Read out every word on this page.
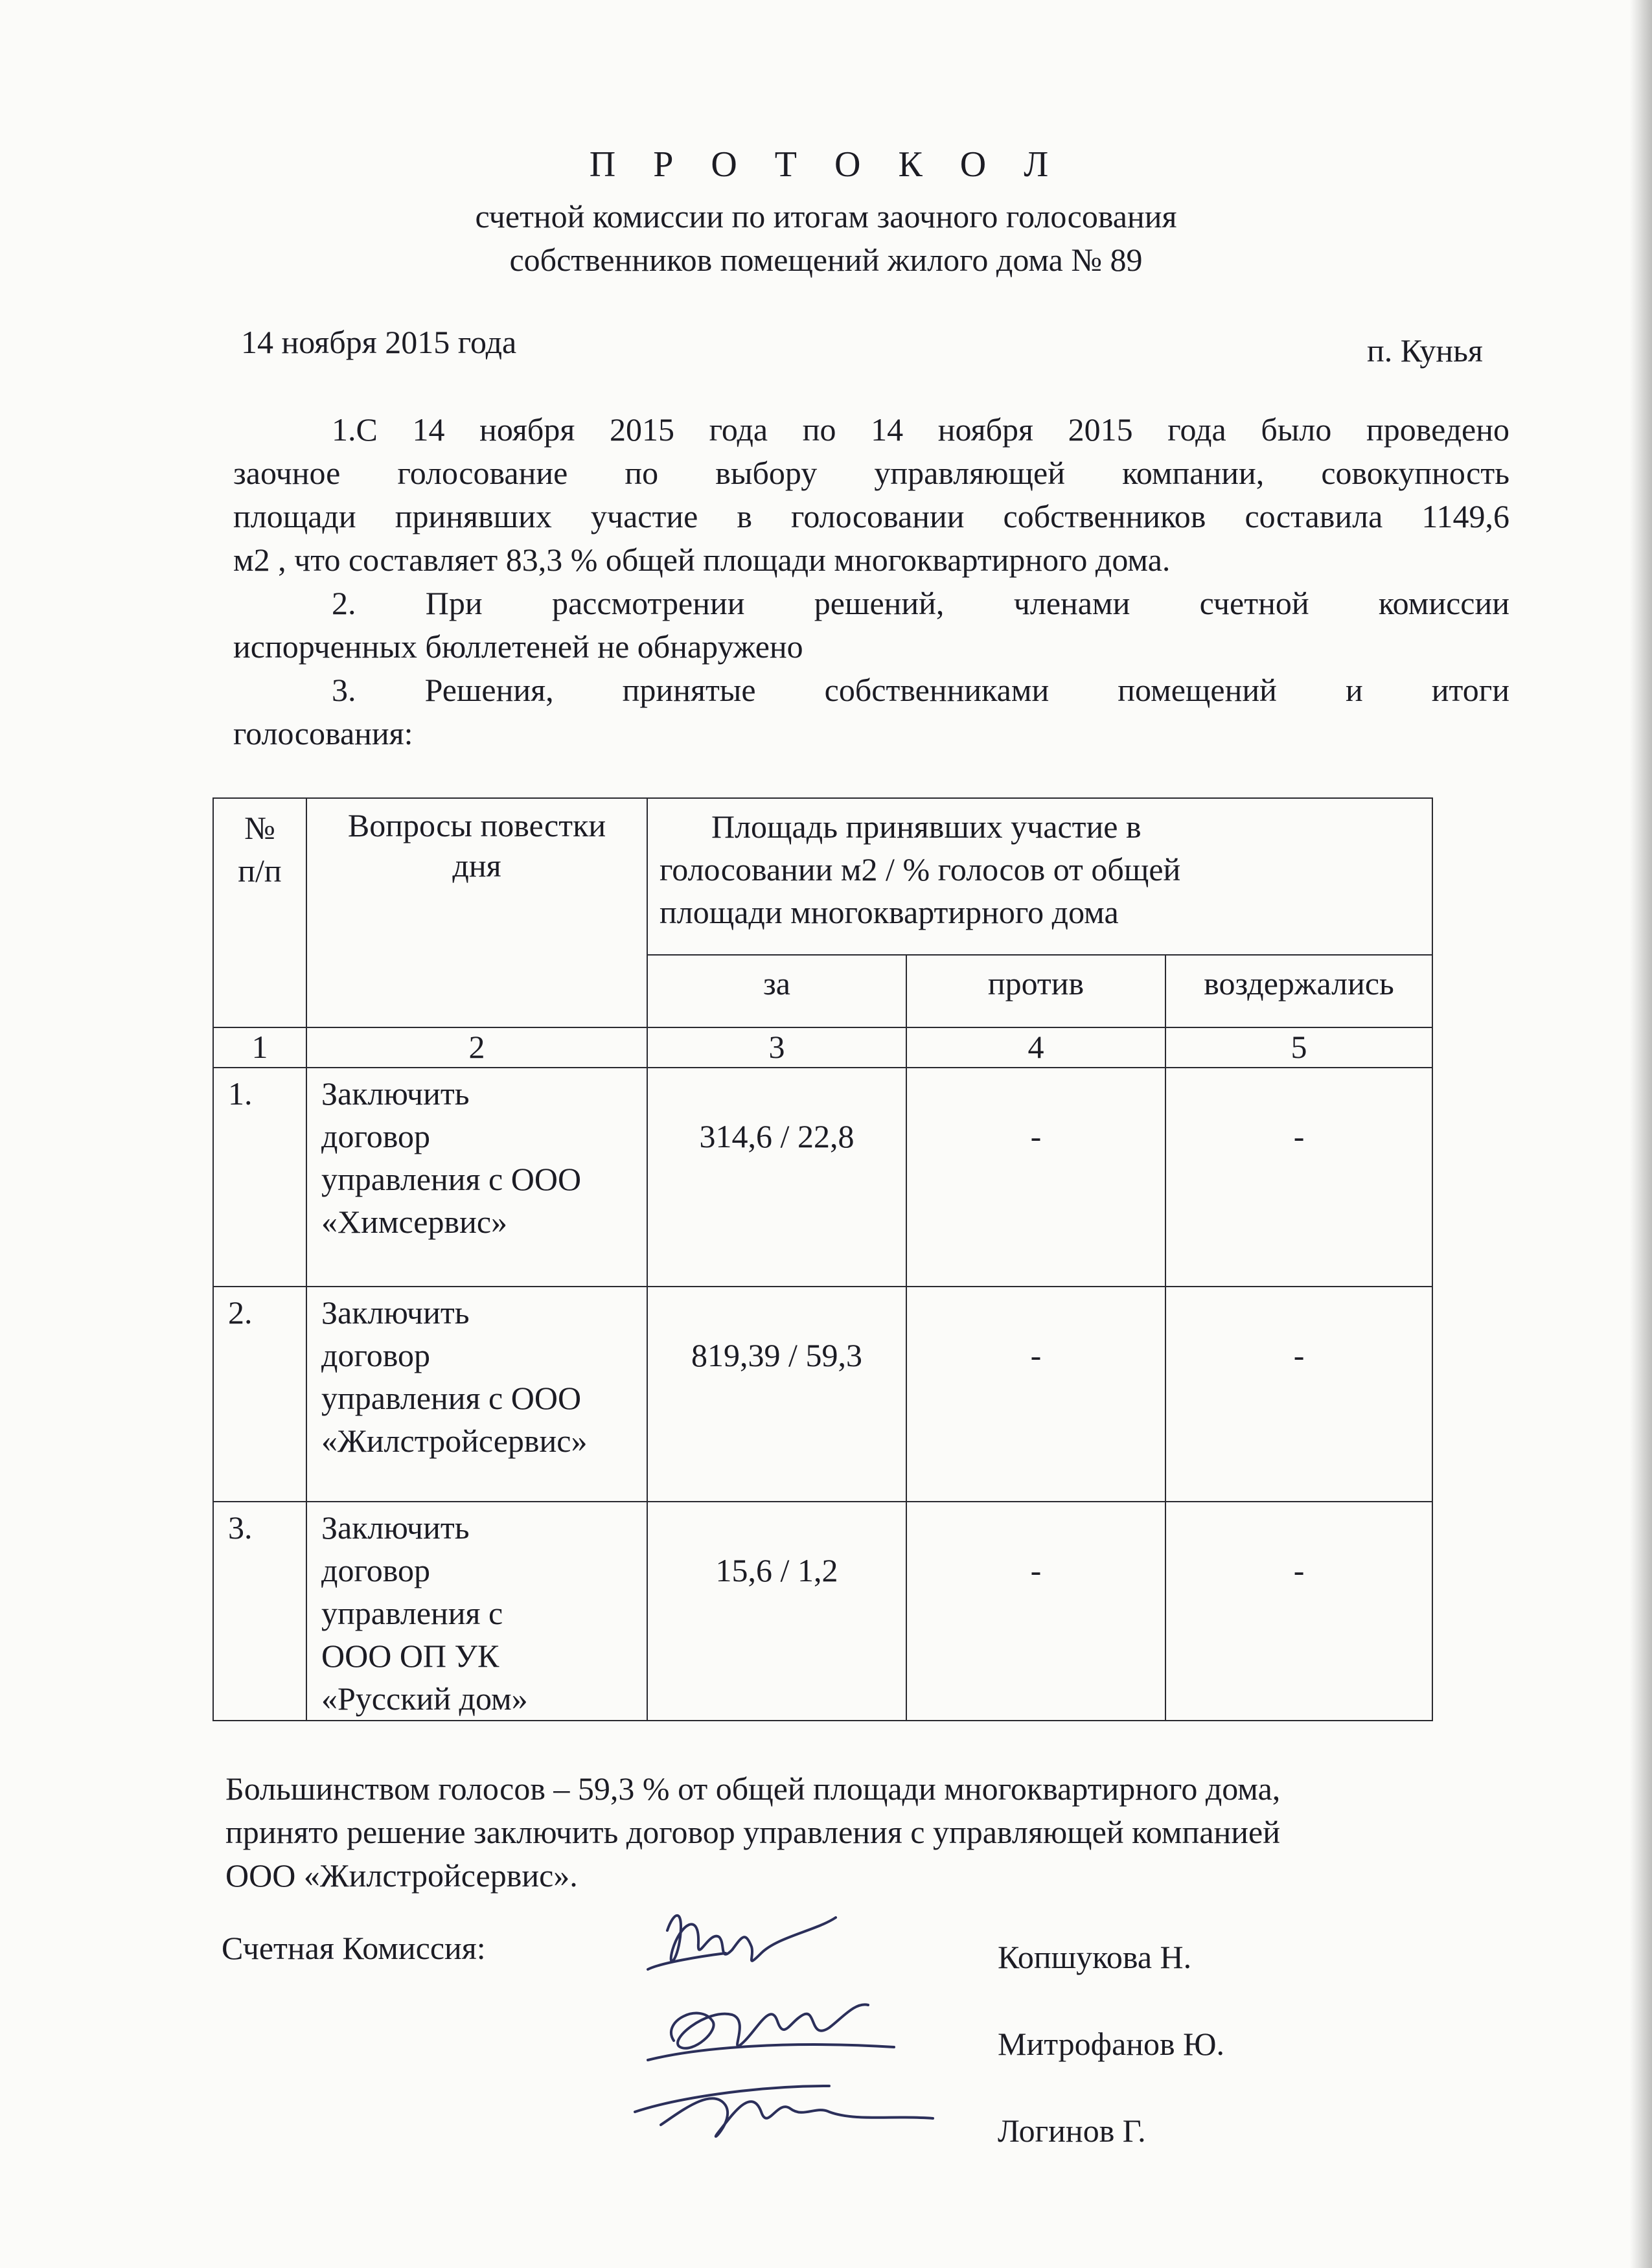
П Р О Т О К О Л
счетной комиссии по итогам заочного голосования
собственников помещений жилого дома № 89
14 ноября 2015 года	п. Кунья
1.С 14 ноября 2015 года по 14 ноября 2015 года было проведено
заочное голосование по выбору управляющей компании, совокупность
площади принявших участие в голосовании собственников составила 1149,6
м2 , что составляет 83,3 % общей площади многоквартирного дома.
2. При рассмотрении решений, членами счетной комиссии
испорченных бюллетеней не обнаружено
3. Решения, принятые собственниками помещений и итоги
голосования:
№ п/п	Вопросы повестки дня	Площадь принявших участие в
голосовании м2 / % голосов от общей
площади многоквартирного дома		

		за	против	воздержались
1	2	3	4	5
1.	Заключить
договор
управления с ООО
«Химсервис»	314,6 / 22,8	-	-
2.	Заключить
договор
управления с ООО
«Жилстройсервис»	819,39 / 59,3	-	-
3.	Заключить
договор
управления с
ООО ОП УК
«Русский дом»	15,6 / 1,2	-	-
Большинством голосов – 59,3 % от общей площади многоквартирного дома,
принято решение заключить договор управления с управляющей компанией
ООО «Жилстройсервис».
Счетная Комиссия:	Копшукова Н.
Митрофанов Ю.
Логинов Г.
